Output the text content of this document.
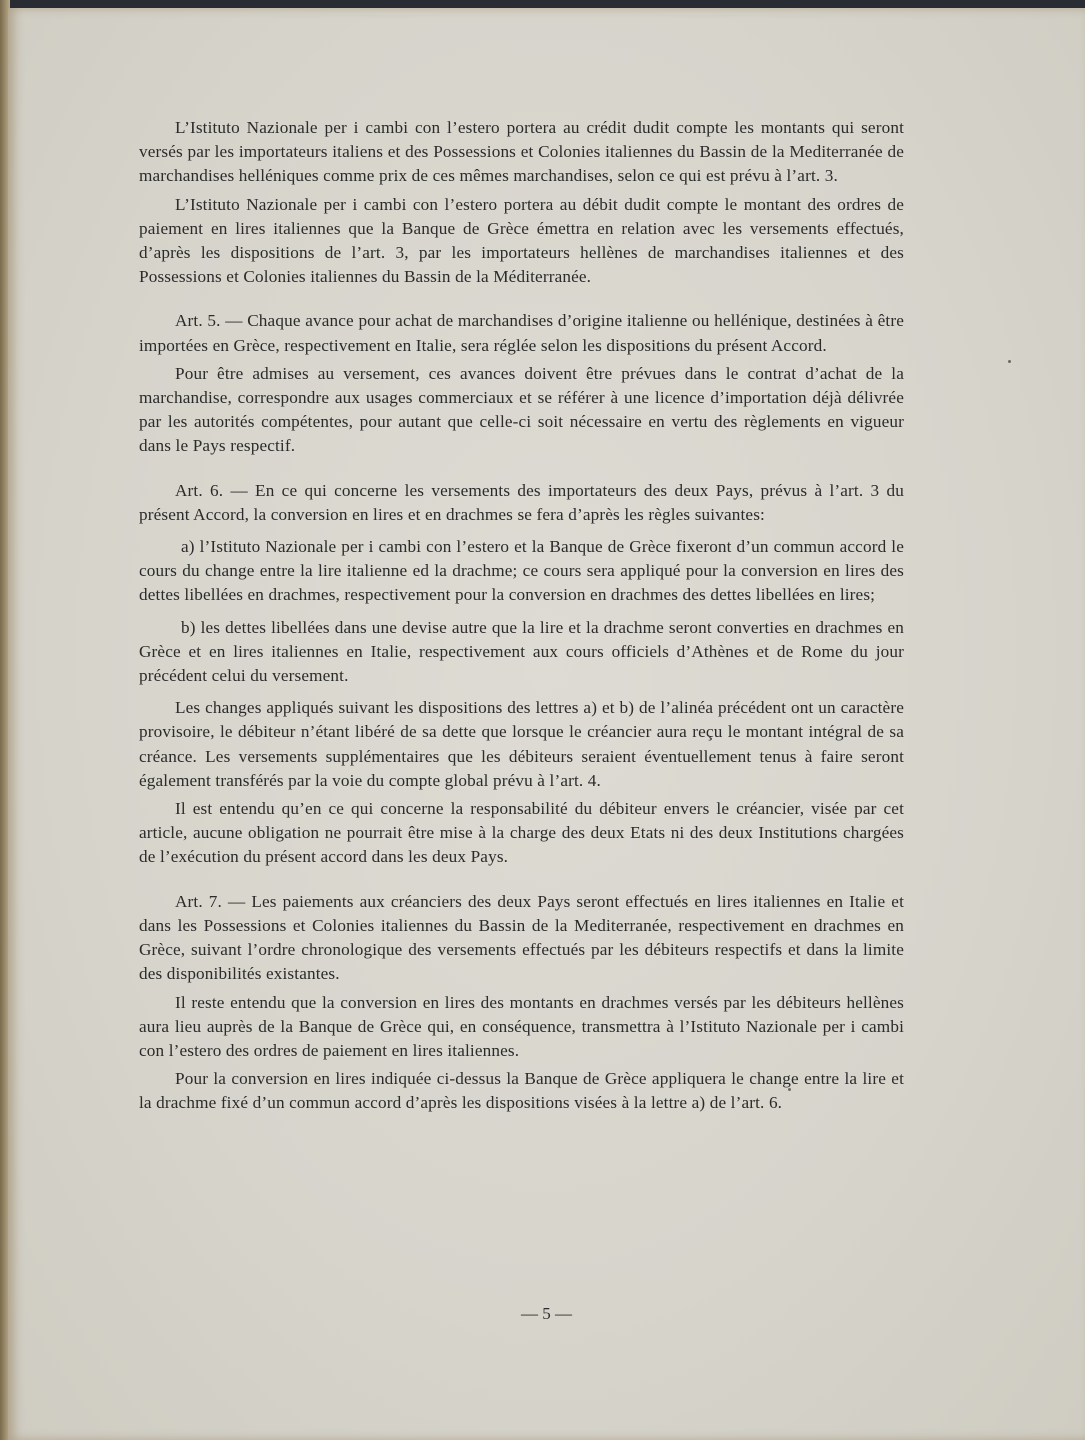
L’Istituto Nazionale per i cambi con l’estero portera au crédit dudit compte les montants qui seront versés par les importateurs italiens et des Possessions et Colonies italiennes du Bassin de la Mediterranée de marchandises helléniques comme prix de ces mêmes marchandises, selon ce qui est prévu à l’art. 3.

L’Istituto Nazionale per i cambi con l’estero portera au débit dudit compte le montant des ordres de paiement en lires italiennes que la Banque de Grèce émettra en relation avec les versements effectués, d’après les dispositions de l’art. 3, par les importateurs hellènes de marchandises italiennes et des Possessions et Colonies italiennes du Bassin de la Méditerranée.

Art. 5. — Chaque avance pour achat de marchandises d’origine italienne ou hellénique, destinées à être importées en Grèce, respectivement en Italie, sera réglée selon les dispositions du présent Accord.

Pour être admises au versement, ces avances doivent être prévues dans le contrat d’achat de la marchandise, correspondre aux usages commerciaux et se référer à une licence d’importation déjà délivrée par les autorités compétentes, pour autant que celle-ci soit nécessaire en vertu des règlements en vigueur dans le Pays respectif.

Art. 6. — En ce qui concerne les versements des importateurs des deux Pays, prévus à l’art. 3 du présent Accord, la conversion en lires et en drachmes se fera d’après les règles suivantes:

a) l’Istituto Nazionale per i cambi con l’estero et la Banque de Grèce fixeront d’un commun accord le cours du change entre la lire italienne ed la drachme; ce cours sera appliqué pour la conversion en lires des dettes libellées en drachmes, respectivement pour la conversion en drachmes des dettes libellées en lires;

b) les dettes libellées dans une devise autre que la lire et la drachme seront converties en drachmes en Grèce et en lires italiennes en Italie, respectivement aux cours officiels d’Athènes et de Rome du jour précédent celui du versement.

Les changes appliqués suivant les dispositions des lettres a) et b) de l’alinéa précédent ont un caractère provisoire, le débiteur n’étant libéré de sa dette que lorsque le créancier aura reçu le montant intégral de sa créance. Les versements supplémentaires que les débiteurs seraient éventuellement tenus à faire seront également transférés par la voie du compte global prévu à l’art. 4.

Il est entendu qu’en ce qui concerne la responsabilité du débiteur envers le créancier, visée par cet article, aucune obligation ne pourrait être mise à la charge des deux Etats ni des deux Institutions chargées de l’exécution du présent accord dans les deux Pays.

Art. 7. — Les paiements aux créanciers des deux Pays seront effectués en lires italiennes en Italie et dans les Possessions et Colonies italiennes du Bassin de la Mediterranée, respectivement en drachmes en Grèce, suivant l’ordre chronologique des versements effectués par les débiteurs respectifs et dans la limite des disponibilités existantes.

Il reste entendu que la conversion en lires des montants en drachmes versés par les débiteurs hellènes aura lieu auprès de la Banque de Grèce qui, en conséquence, transmettra à l’Istituto Nazionale per i cambi con l’estero des ordres de paiement en lires italiennes.

Pour la conversion en lires indiquée ci-dessus la Banque de Grèce appliquera le change entre la lire et la drachme fixé d’un commun accord d’après les dispositions visées à la lettre a) de l’art. 6.

— 5 —
